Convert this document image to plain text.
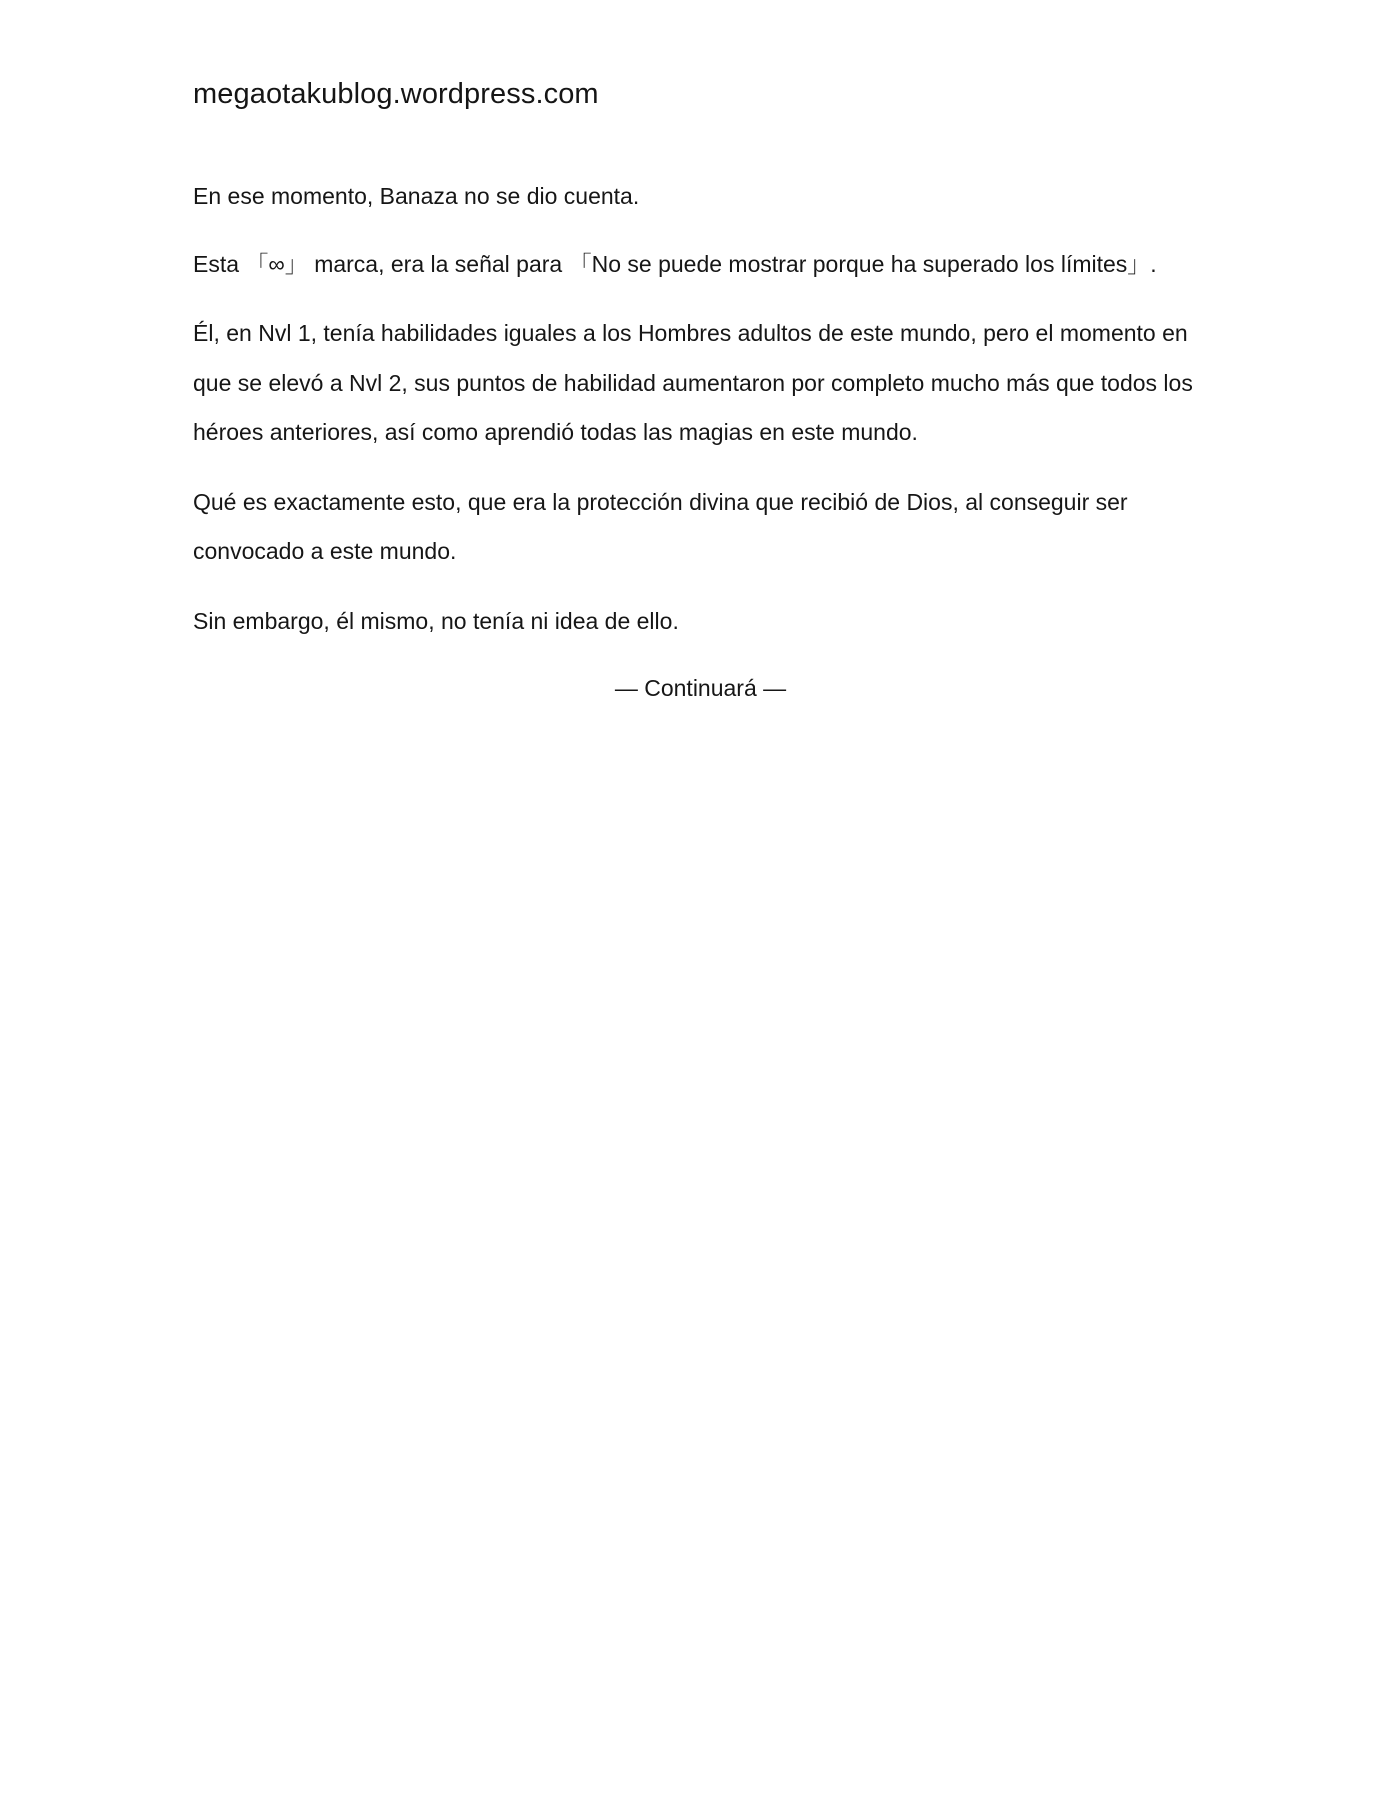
megaotakublog.wordpress.com

En ese momento, Banaza no se dio cuenta.

Esta 「∞」 marca, era la señal para 「No se puede mostrar porque ha superado los límites」.

Él, en Nvl 1, tenía habilidades iguales a los Hombres adultos de este mundo, pero el momento en que se elevó a Nvl 2, sus puntos de habilidad aumentaron por completo mucho más que todos los héroes anteriores, así como aprendió todas las magias en este mundo.

Qué es exactamente esto, que era la protección divina que recibió de Dios, al conseguir ser convocado a este mundo.

Sin embargo, él mismo, no tenía ni idea de ello.

— Continuará —
